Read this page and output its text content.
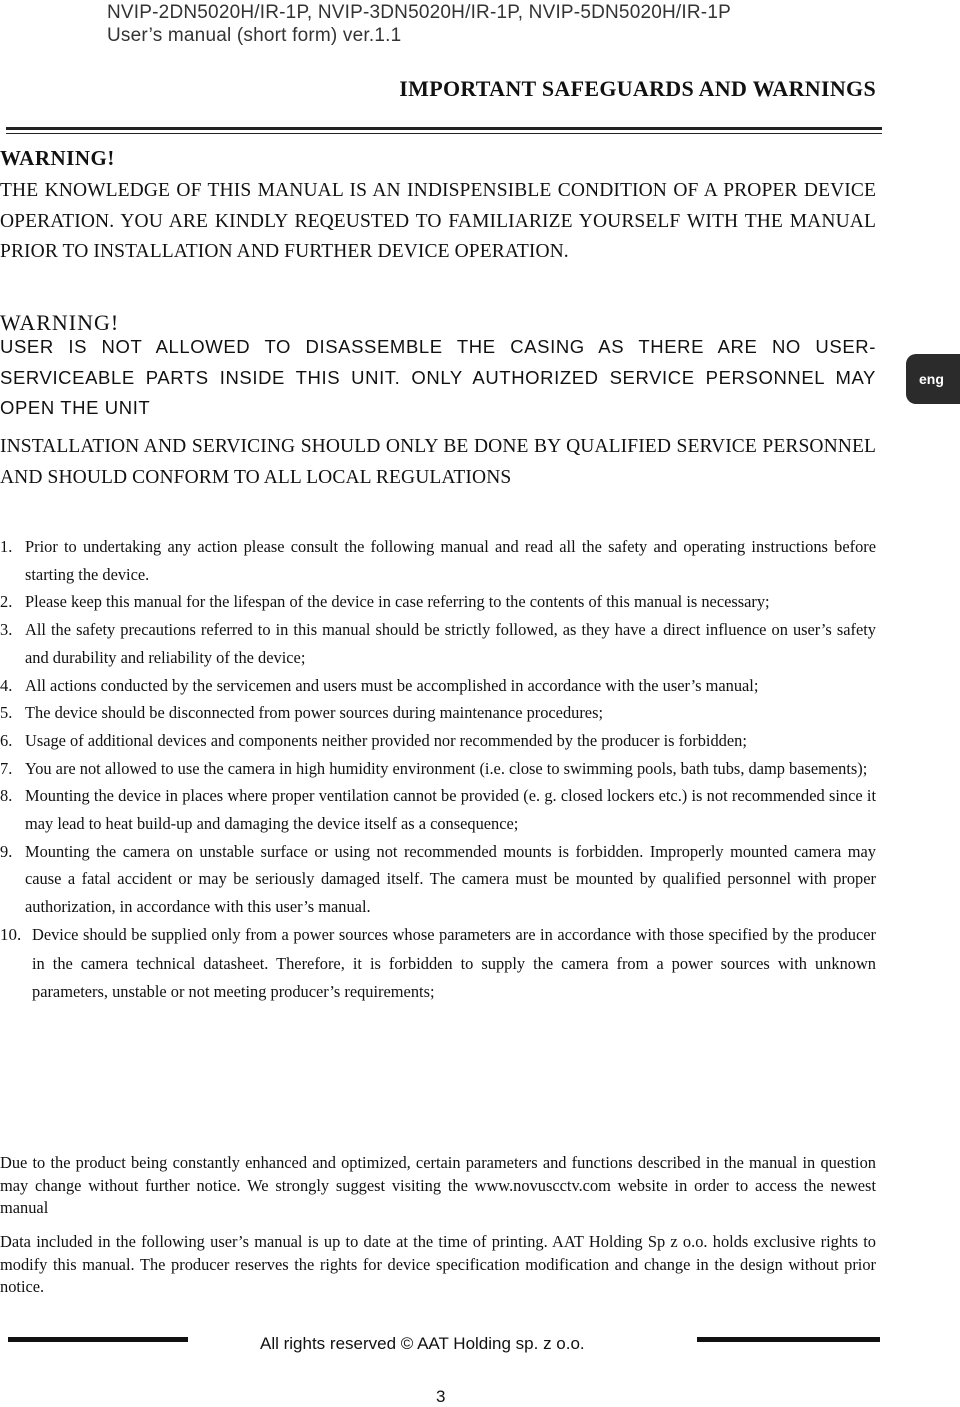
NVIP-2DN5020H/IR-1P, NVIP-3DN5020H/IR-1P, NVIP-5DN5020H/IR-1P
User’s manual (short form) ver.1.1
IMPORTANT SAFEGUARDS AND WARNINGS
WARNING!
THE KNOWLEDGE OF THIS MANUAL IS AN INDISPENSIBLE CONDITION OF A PROPER DEVICE OPERATION. YOU ARE KINDLY REQEUSTED TO FAMILIARIZE YOURSELF WITH THE MANUAL PRIOR TO INSTALLATION AND FURTHER DEVICE OPERATION.
WARNING!
USER IS NOT ALLOWED TO DISASSEMBLE THE CASING AS THERE ARE NO USER-SERVICEABLE PARTS INSIDE THIS UNIT. ONLY AUTHORIZED SERVICE PERSONNEL MAY OPEN THE UNIT
eng
INSTALLATION AND SERVICING SHOULD ONLY BE DONE BY QUALIFIED SERVICE PERSONNEL AND SHOULD CONFORM TO ALL LOCAL REGULATIONS
1. Prior to undertaking any action please consult the following manual and read all the safety and operating instructions before starting the device.
2. Please keep this manual for the lifespan of the device in case referring to the contents of this manual is necessary;
3. All the safety precautions referred to in this manual should be strictly followed, as they have a direct influence on user’s safety and durability and reliability of the device;
4. All actions conducted by the servicemen and users must be accomplished in accordance with the user’s manual;
5. The device should be disconnected from power sources during maintenance procedures;
6. Usage of additional devices and components neither provided nor recommended by the producer is forbidden;
7. You are not allowed to use the camera in high humidity environment (i.e. close to swimming pools, bath tubs, damp basements);
8. Mounting the device in places where proper ventilation cannot be provided (e. g. closed lockers etc.) is not recommended since it may lead to heat build-up and damaging the device itself as a consequence;
9. Mounting the camera on unstable surface or using not recommended mounts is forbidden. Improperly mounted camera may cause a fatal accident or may be seriously damaged itself. The camera must be mounted by qualified personnel with proper authorization, in accordance with this user’s manual.
10. Device should be supplied only from a power sources whose parameters are in accordance with those specified by the producer in the camera technical datasheet. Therefore, it is forbidden to supply the camera from a power sources with unknown parameters, unstable or not meeting producer’s requirements;
Due to the product being constantly enhanced and optimized, certain parameters and functions described in the manual in question may change without further notice. We strongly suggest visiting the www.novuscctv.com website in order to access the newest manual
Data included in the following user’s manual is up to date at the time of printing. AAT Holding Sp z o.o. holds exclusive rights to modify this manual. The producer reserves the rights for device specification modification and change in the design without prior notice.
All rights reserved © AAT Holding sp. z o.o.
3
